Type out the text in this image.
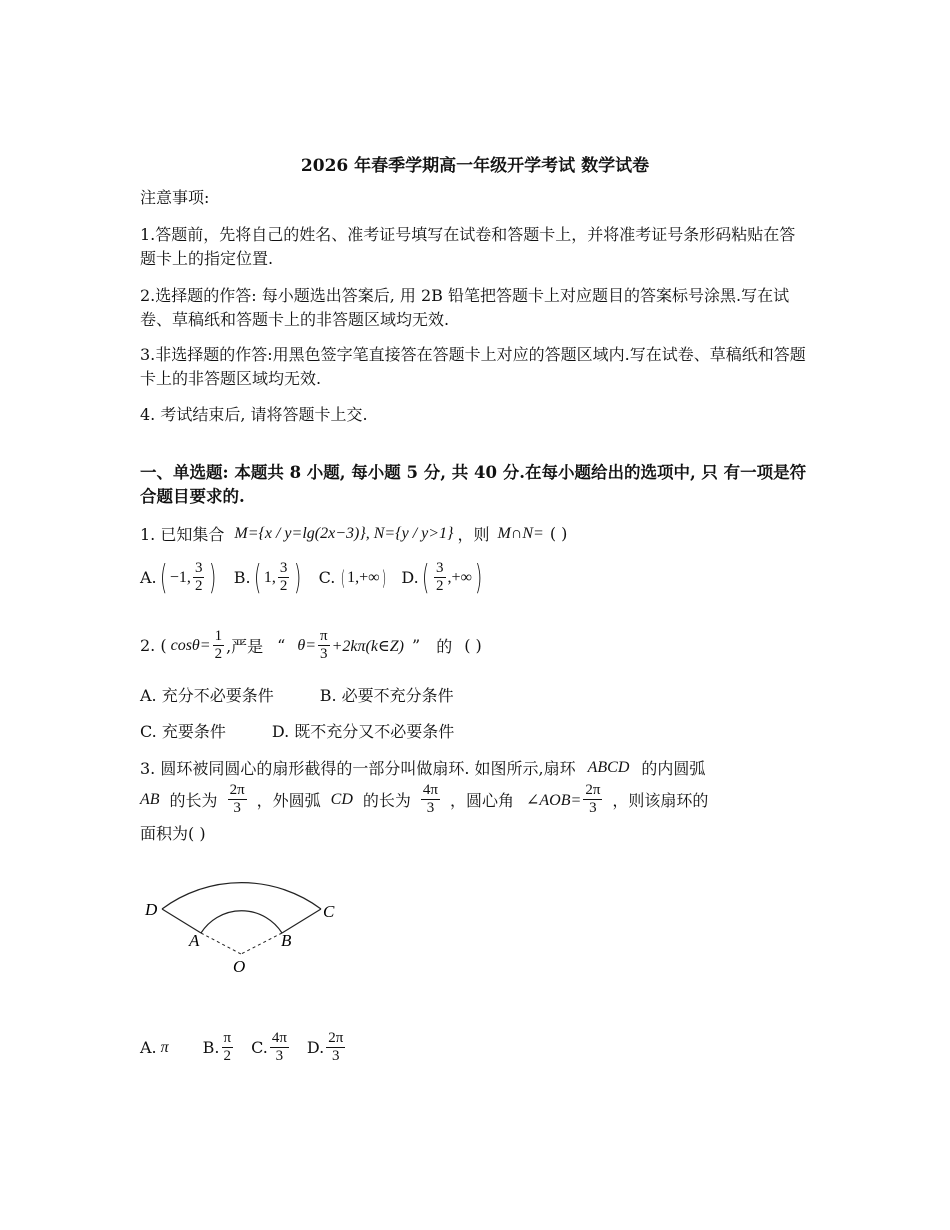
2026 年春季学期高一年级开学考试 数学试卷
注意事项:
1.答题前，先将自己的姓名、准考证号填写在试卷和答题卡上，并将准考证号条形码粘贴在答题卡上的指定位置.
2.选择题的作答: 每小题选出答案后, 用 2B 铅笔把答题卡上对应题目的答案标号涂黑.写在试卷、草稿纸和答题卡上的非答题区域均无效.
3.非选择题的作答:用黑色签字笔直接答在答题卡上对应的答题区域内.写在试卷、草稿纸和答题卡上的非答题区域均无效.
4. 考试结束后, 请将答题卡上交.
一、单选题: 本题共 8 小题, 每小题 5 分, 共 40 分.在每小题给出的选项中, 只 有一项是符合题目要求的.
1. 已知集合 M={x / y=lg(2x−3)}, N={y / y>1} ，则 M∩N= ( )
A. ( −1, $\frac{3}{2}$ ) B. ( 1, $\frac{3}{2}$ ) C. ( 1,+∞ ) D. ( $\frac{3}{2}$ ,+∞ )
2. ( $\cos\theta= \frac{1}{2}$ ,严是 “ $\theta= \frac{\pi}{3}$ +2kπ(k∈Z) ” 的 ( )
A. 充分不必要条件	B. 必要不充分条件
C. 充要条件	D. 既不充分又不必要条件
3. 圆环被同圆心的扇形截得的一部分叫做扇环. 如图所示,扇环 ABCD 的内圆弧
AB 的长为 $\frac{2\pi}{3}$ ，外圆弧 CD 的长为 $\frac{4\pi}{3}$ ，圆心角 ∠AOB= $\frac{2\pi}{3}$ ，则该扇环的
面积为( )
D	C
A	B
O
A. π B. $\frac{\pi}{2} C$. $\frac{4\pi}{3} D$. $\frac{2\pi}{3}$
